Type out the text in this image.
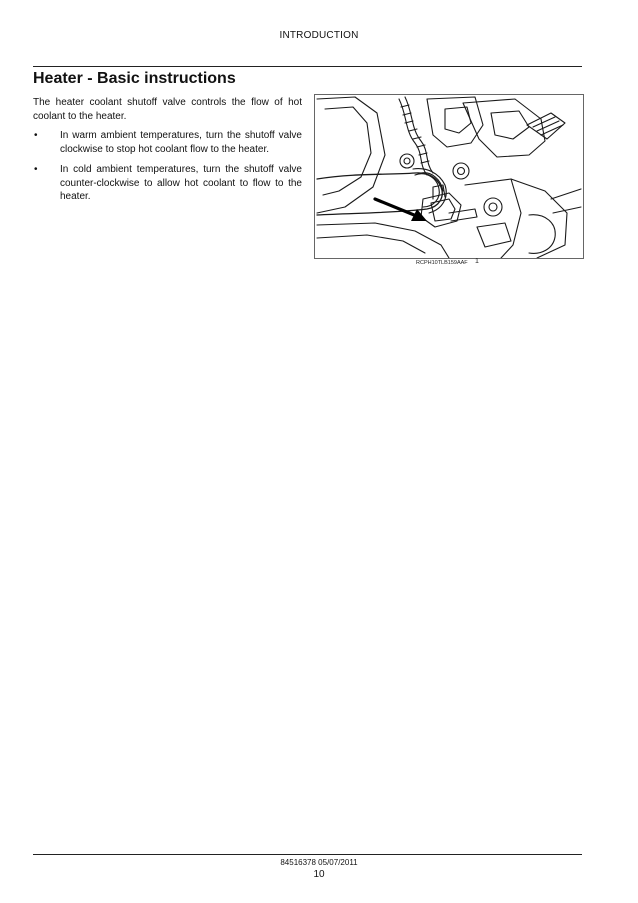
INTRODUCTION
Heater - Basic instructions

The heater coolant shutoff valve controls the flow of hot coolant to the heater.

• In warm ambient temperatures, turn the shutoff valve clockwise to stop hot coolant flow to the heater.
• In cold ambient temperatures, turn the shutoff valve counter-clockwise to allow hot coolant to flow to the heater.
RCPH10TLB159AAF 1
84516378 05/07/2011
10
